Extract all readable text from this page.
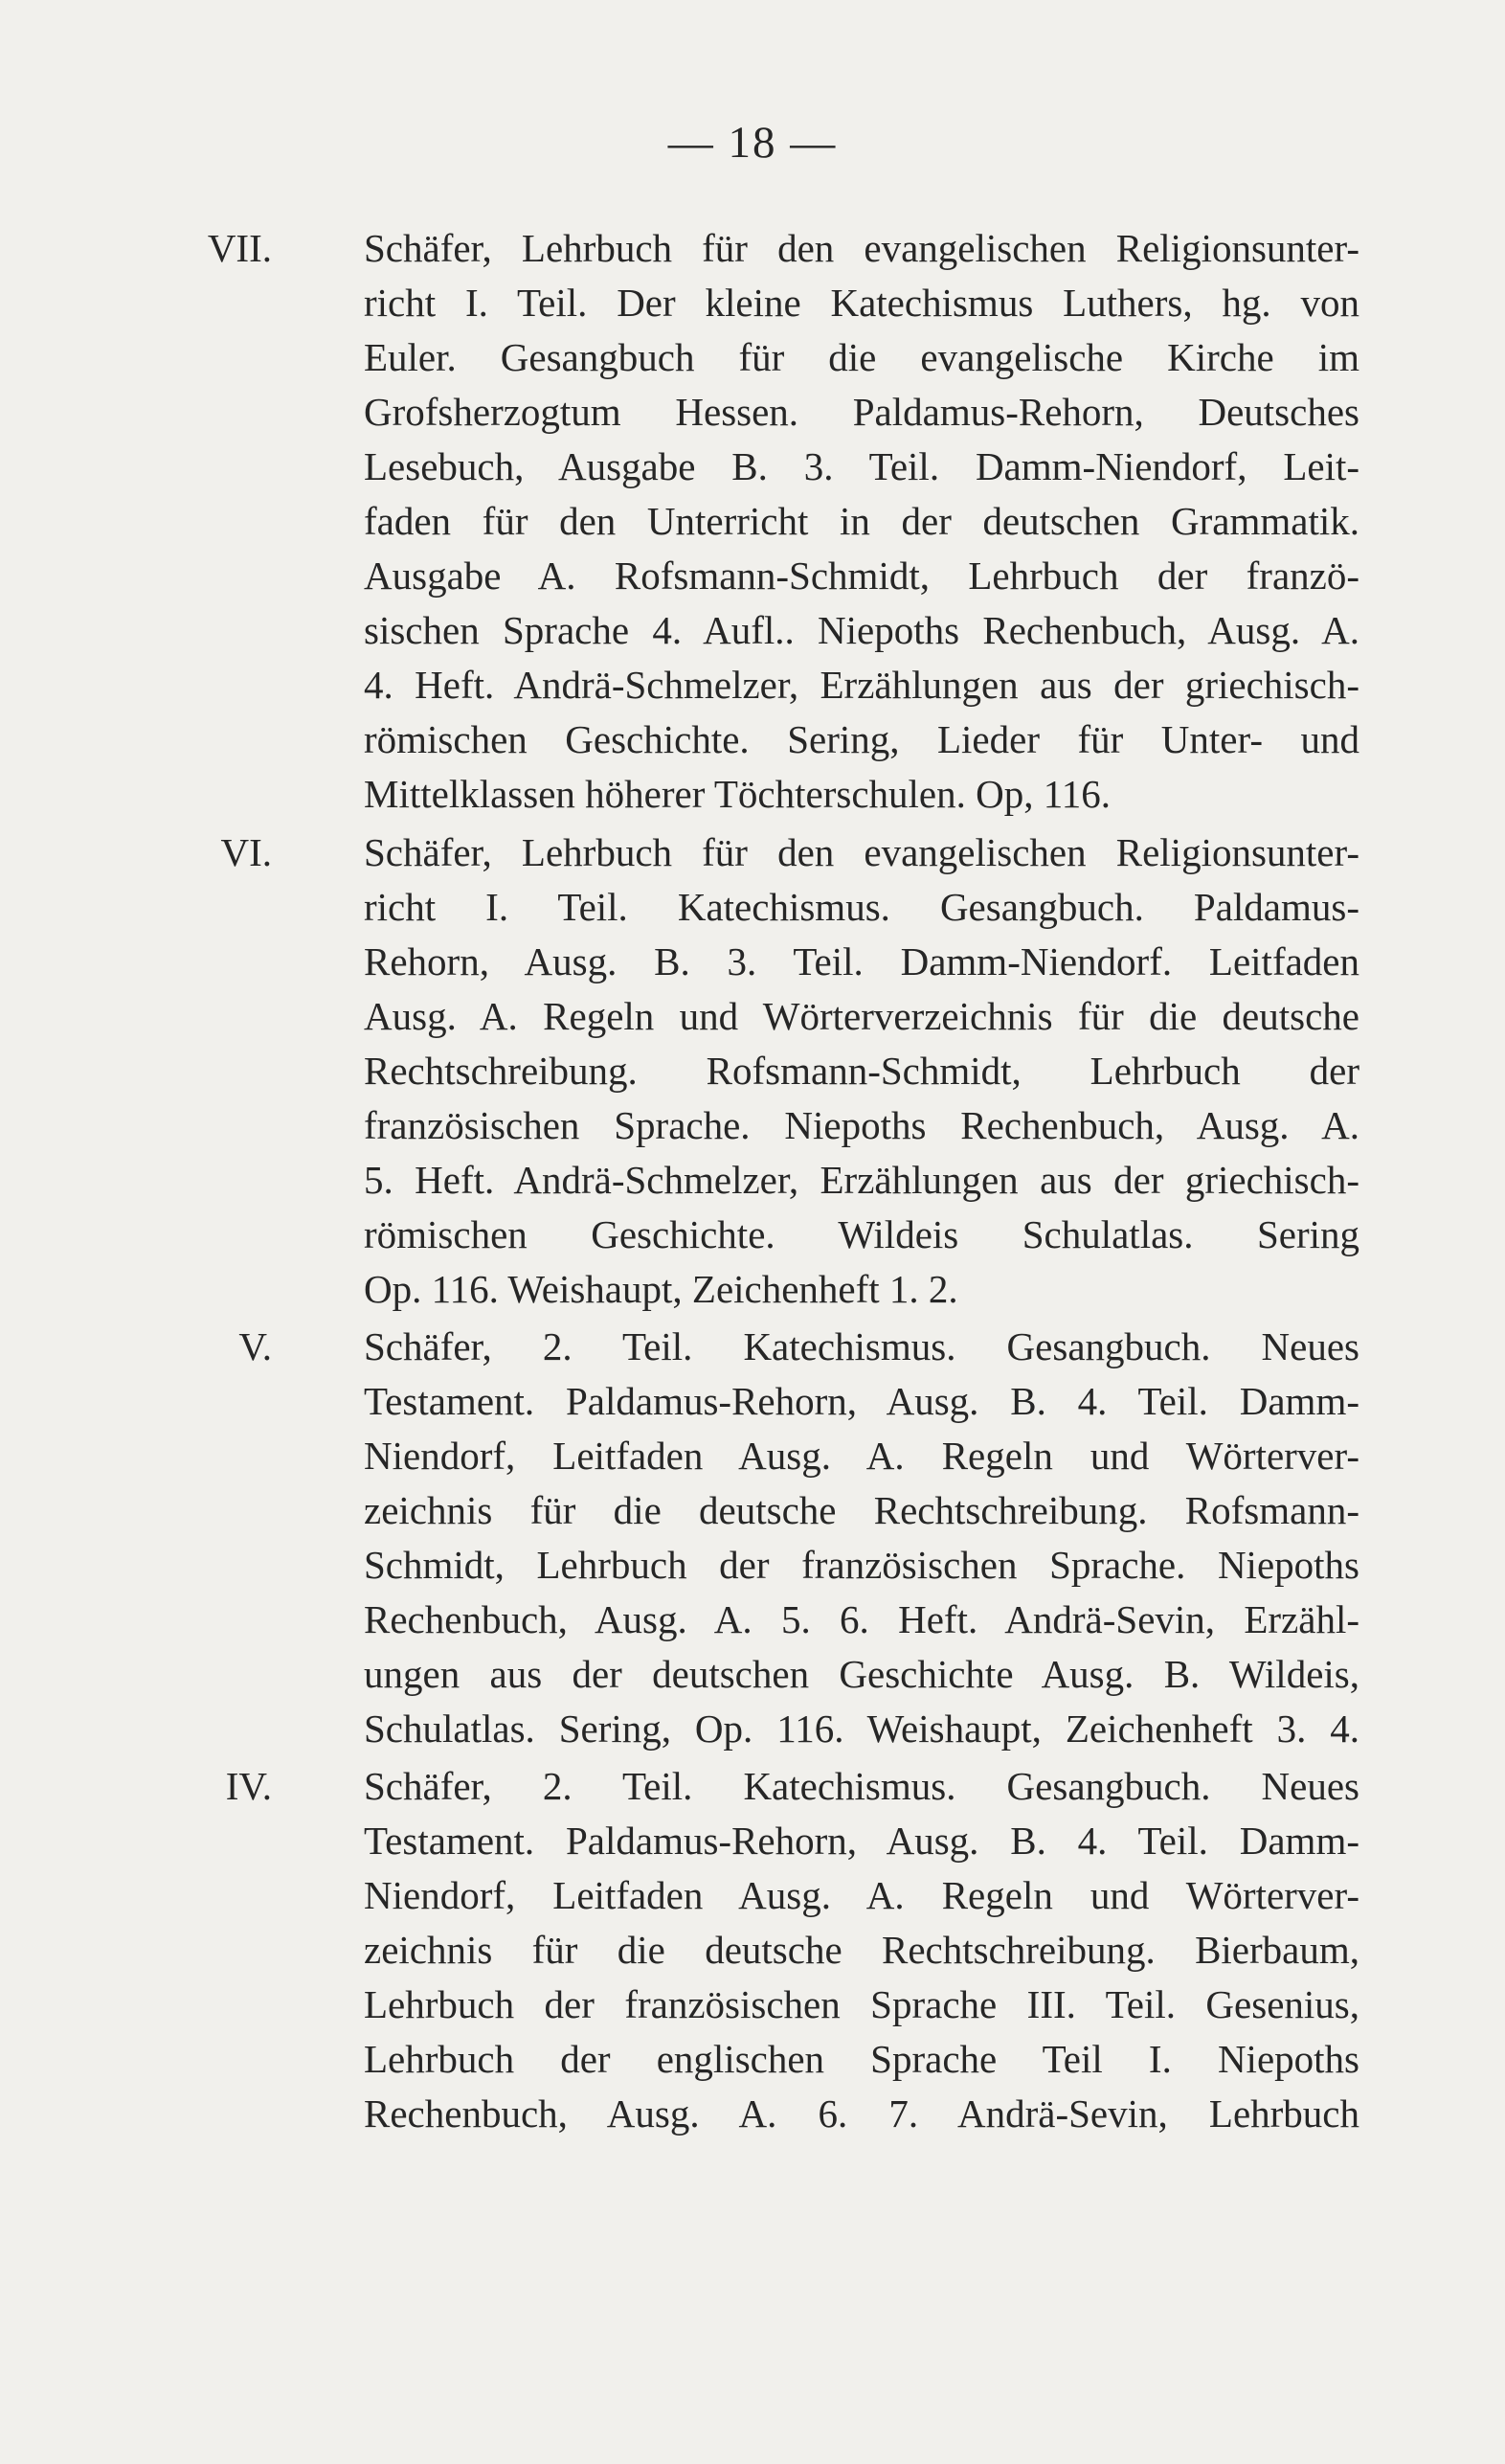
— 18 —
VII.	Schäfer, Lehrbuch für den evangelischen Religionsunter-
richt I. Teil. Der kleine Katechismus Luthers, hg. von
Euler. Gesangbuch für die evangelische Kirche im
Grofsherzogtum Hessen. Paldamus-Rehorn, Deutsches
Lesebuch, Ausgabe B. 3. Teil. Damm-Niendorf, Leit-
faden für den Unterricht in der deutschen Grammatik.
Ausgabe A. Rofsmann-Schmidt, Lehrbuch der franzö-
sischen Sprache 4. Aufl.. Niepoths Rechenbuch, Ausg. A.
4. Heft. Andrä-Schmelzer, Erzählungen aus der griechisch-
römischen Geschichte. Sering, Lieder für Unter- und
Mittelklassen höherer Töchterschulen. Op, 116.
VI.	Schäfer, Lehrbuch für den evangelischen Religionsunter-
richt I. Teil. Katechismus. Gesangbuch. Paldamus-
Rehorn, Ausg. B. 3. Teil. Damm-Niendorf. Leitfaden
Ausg. A. Regeln und Wörterverzeichnis für die deutsche
Rechtschreibung. Rofsmann-Schmidt, Lehrbuch der
französischen Sprache. Niepoths Rechenbuch, Ausg. A.
5. Heft. Andrä-Schmelzer, Erzählungen aus der griechisch-
römischen Geschichte. Wildeis Schulatlas. Sering
Op. 116. Weishaupt, Zeichenheft 1. 2.
V.	Schäfer, 2. Teil. Katechismus. Gesangbuch. Neues
Testament. Paldamus-Rehorn, Ausg. B. 4. Teil. Damm-
Niendorf, Leitfaden Ausg. A. Regeln und Wörterver-
zeichnis für die deutsche Rechtschreibung. Rofsmann-
Schmidt, Lehrbuch der französischen Sprache. Niepoths
Rechenbuch, Ausg. A. 5. 6. Heft. Andrä-Sevin, Erzähl-
ungen aus der deutschen Geschichte Ausg. B. Wildeis,
Schulatlas. Sering, Op. 116. Weishaupt, Zeichenheft 3. 4.
IV.	Schäfer, 2. Teil. Katechismus. Gesangbuch. Neues
Testament. Paldamus-Rehorn, Ausg. B. 4. Teil. Damm-
Niendorf, Leitfaden Ausg. A. Regeln und Wörterver-
zeichnis für die deutsche Rechtschreibung. Bierbaum,
Lehrbuch der französischen Sprache III. Teil. Gesenius,
Lehrbuch der englischen Sprache Teil I. Niepoths
Rechenbuch, Ausg. A. 6. 7. Andrä-Sevin, Lehrbuch
